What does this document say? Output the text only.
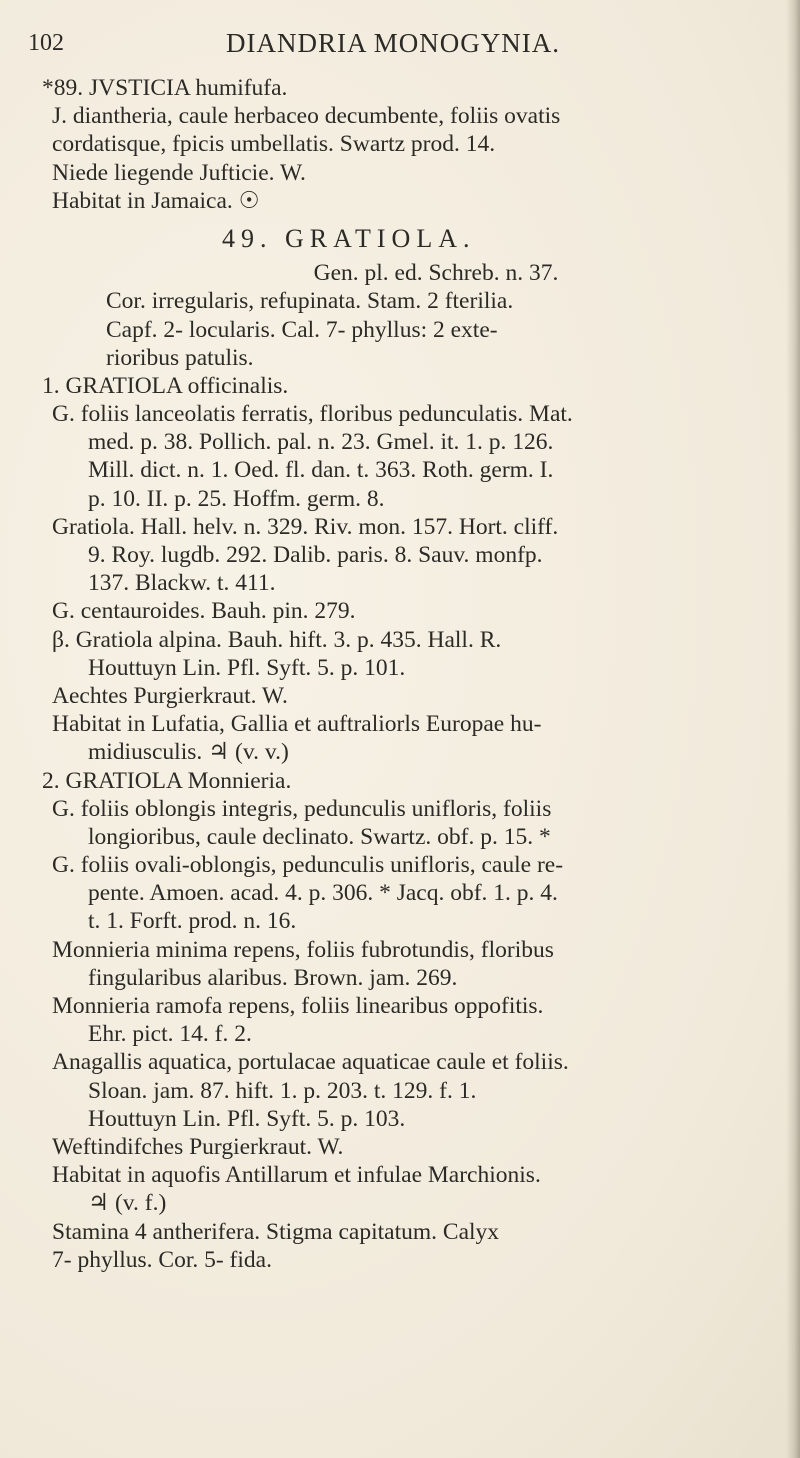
102	DIANDRIA MONOGYNIA.
*89. JVSTICIA humifufa.
J. diantheria, caule herbaceo decumbente, foliis ovatis
cordatisque, fpicis umbellatis. Swartz prod. 14.
Niede liegende Jufticie. W.
Habitat in Jamaica. ☉
49. GRATIOLA.
Gen. pl. ed. Schreb. n. 37.
Cor. irregularis, refupinata. Stam. 2 fterilia.
Capf. 2- locularis. Cal. 7- phyllus: 2 exte-
rioribus patulis.
1. GRATIOLA officinalis.
G. foliis lanceolatis ferratis, floribus pedunculatis. Mat.
med. p. 38. Pollich. pal. n. 23. Gmel. it. 1. p. 126.
Mill. dict. n. 1. Oed. fl. dan. t. 363. Roth. germ. I.
p. 10. II. p. 25. Hoffm. germ. 8.
Gratiola. Hall. helv. n. 329. Riv. mon. 157. Hort. cliff.
9. Roy. lugdb. 292. Dalib. paris. 8. Sauv. monfp.
137. Blackw. t. 411.
G. centauroides. Bauh. pin. 279.
β. Gratiola alpina. Bauh. hift. 3. p. 435. Hall. R.
Houttuyn Lin. Pfl. Syft. 5. p. 101.
Aechtes Purgierkraut. W.
Habitat in Lufatia, Gallia et auftraliorls Europae hu-
midiusculis. ♃ (v. v.)
2. GRATIOLA Monnieria.
G. foliis oblongis integris, pedunculis unifloris, foliis
longioribus, caule declinato. Swartz. obf. p. 15. *
G. foliis ovali-oblongis, pedunculis unifloris, caule re-
pente. Amoen. acad. 4. p. 306. * Jacq. obf. 1. p. 4.
t. 1. Forft. prod. n. 16.
Monnieria minima repens, foliis fubrotundis, floribus
fingularibus alaribus. Brown. jam. 269.
Monnieria ramofa repens, foliis linearibus oppofitis.
Ehr. pict. 14. f. 2.
Anagallis aquatica, portulacae aquaticae caule et foliis.
Sloan. jam. 87. hift. 1. p. 203. t. 129. f. 1.
Houttuyn Lin. Pfl. Syft. 5. p. 103.
Weftindifches Purgierkraut. W.
Habitat in aquofis Antillarum et infulae Marchionis.
♃ (v. f.)
Stamina 4 antherifera. Stigma capitatum. Calyx
7- phyllus. Cor. 5- fida.
